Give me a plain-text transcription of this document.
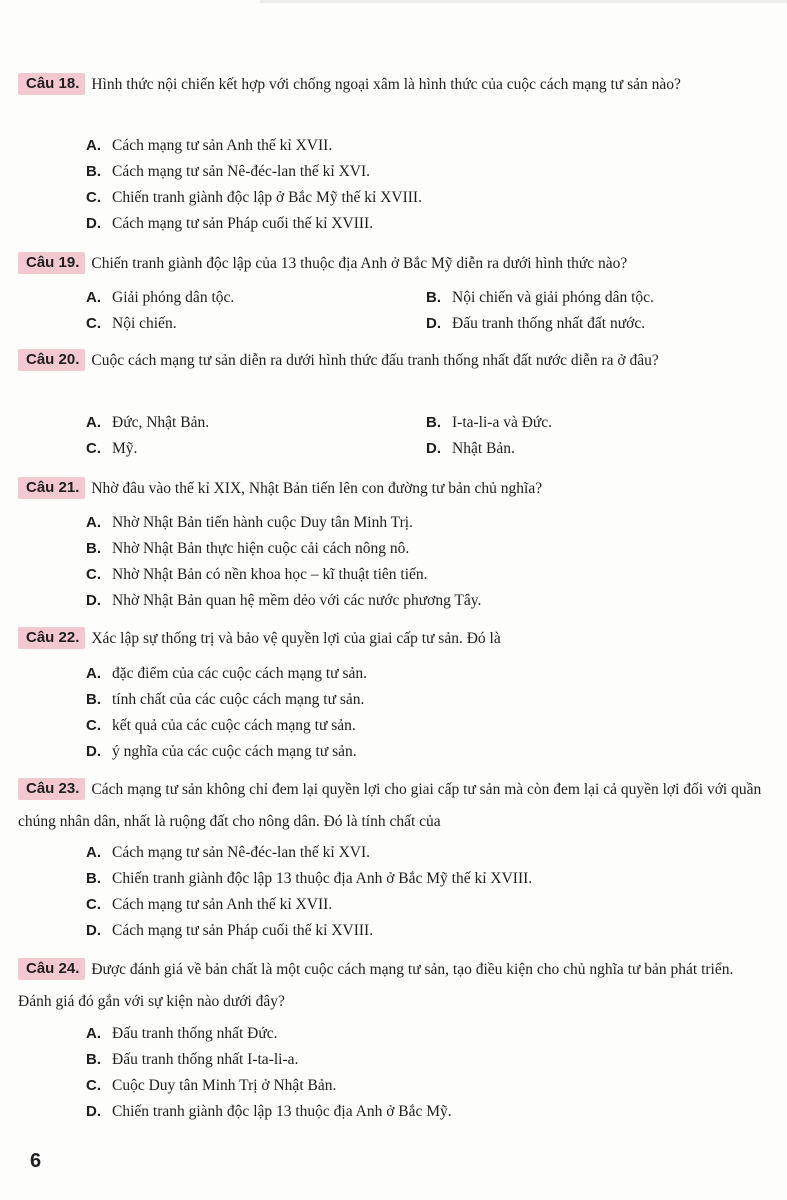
Câu 18. Hình thức nội chiến kết hợp với chống ngoại xâm là hình thức của cuộc cách mạng tư sản nào?
A. Cách mạng tư sản Anh thế kỉ XVII.
B. Cách mạng tư sản Nê-đéc-lan thế kỉ XVI.
C. Chiến tranh giành độc lập ở Bắc Mỹ thế kỉ XVIII.
D. Cách mạng tư sản Pháp cuối thế kỉ XVIII.
Câu 19. Chiến tranh giành độc lập của 13 thuộc địa Anh ở Bắc Mỹ diễn ra dưới hình thức nào?
A. Giải phóng dân tộc.	B. Nội chiến và giải phóng dân tộc.
C. Nội chiến.	D. Đấu tranh thống nhất đất nước.
Câu 20. Cuộc cách mạng tư sản diễn ra dưới hình thức đấu tranh thống nhất đất nước diễn ra ở đâu?
A. Đức, Nhật Bản.	B. I-ta-li-a và Đức.
C. Mỹ.	D. Nhật Bản.
Câu 21. Nhờ đâu vào thế kỉ XIX, Nhật Bản tiến lên con đường tư bản chủ nghĩa?
A. Nhờ Nhật Bản tiến hành cuộc Duy tân Minh Trị.
B. Nhờ Nhật Bản thực hiện cuộc cải cách nông nô.
C. Nhờ Nhật Bản có nền khoa học – kĩ thuật tiên tiến.
D. Nhờ Nhật Bản quan hệ mềm dẻo với các nước phương Tây.
Câu 22. Xác lập sự thống trị và bảo vệ quyền lợi của giai cấp tư sản. Đó là
A. đặc điểm của các cuộc cách mạng tư sản.
B. tính chất của các cuộc cách mạng tư sản.
C. kết quả của các cuộc cách mạng tư sản.
D. ý nghĩa của các cuộc cách mạng tư sản.
Câu 23. Cách mạng tư sản không chỉ đem lại quyền lợi cho giai cấp tư sản mà còn đem lại cả quyền lợi đối với quần chúng nhân dân, nhất là ruộng đất cho nông dân. Đó là tính chất của
A. Cách mạng tư sản Nê-đéc-lan thế kỉ XVI.
B. Chiến tranh giành độc lập 13 thuộc địa Anh ở Bắc Mỹ thế kỉ XVIII.
C. Cách mạng tư sản Anh thế kỉ XVII.
D. Cách mạng tư sản Pháp cuối thế kỉ XVIII.
Câu 24. Được đánh giá về bản chất là một cuộc cách mạng tư sản, tạo điều kiện cho chủ nghĩa tư bản phát triển. Đánh giá đó gắn với sự kiện nào dưới đây?
A. Đấu tranh thống nhất Đức.
B. Đấu tranh thống nhất I-ta-li-a.
C. Cuộc Duy tân Minh Trị ở Nhật Bản.
D. Chiến tranh giành độc lập 13 thuộc địa Anh ở Bắc Mỹ.
6
